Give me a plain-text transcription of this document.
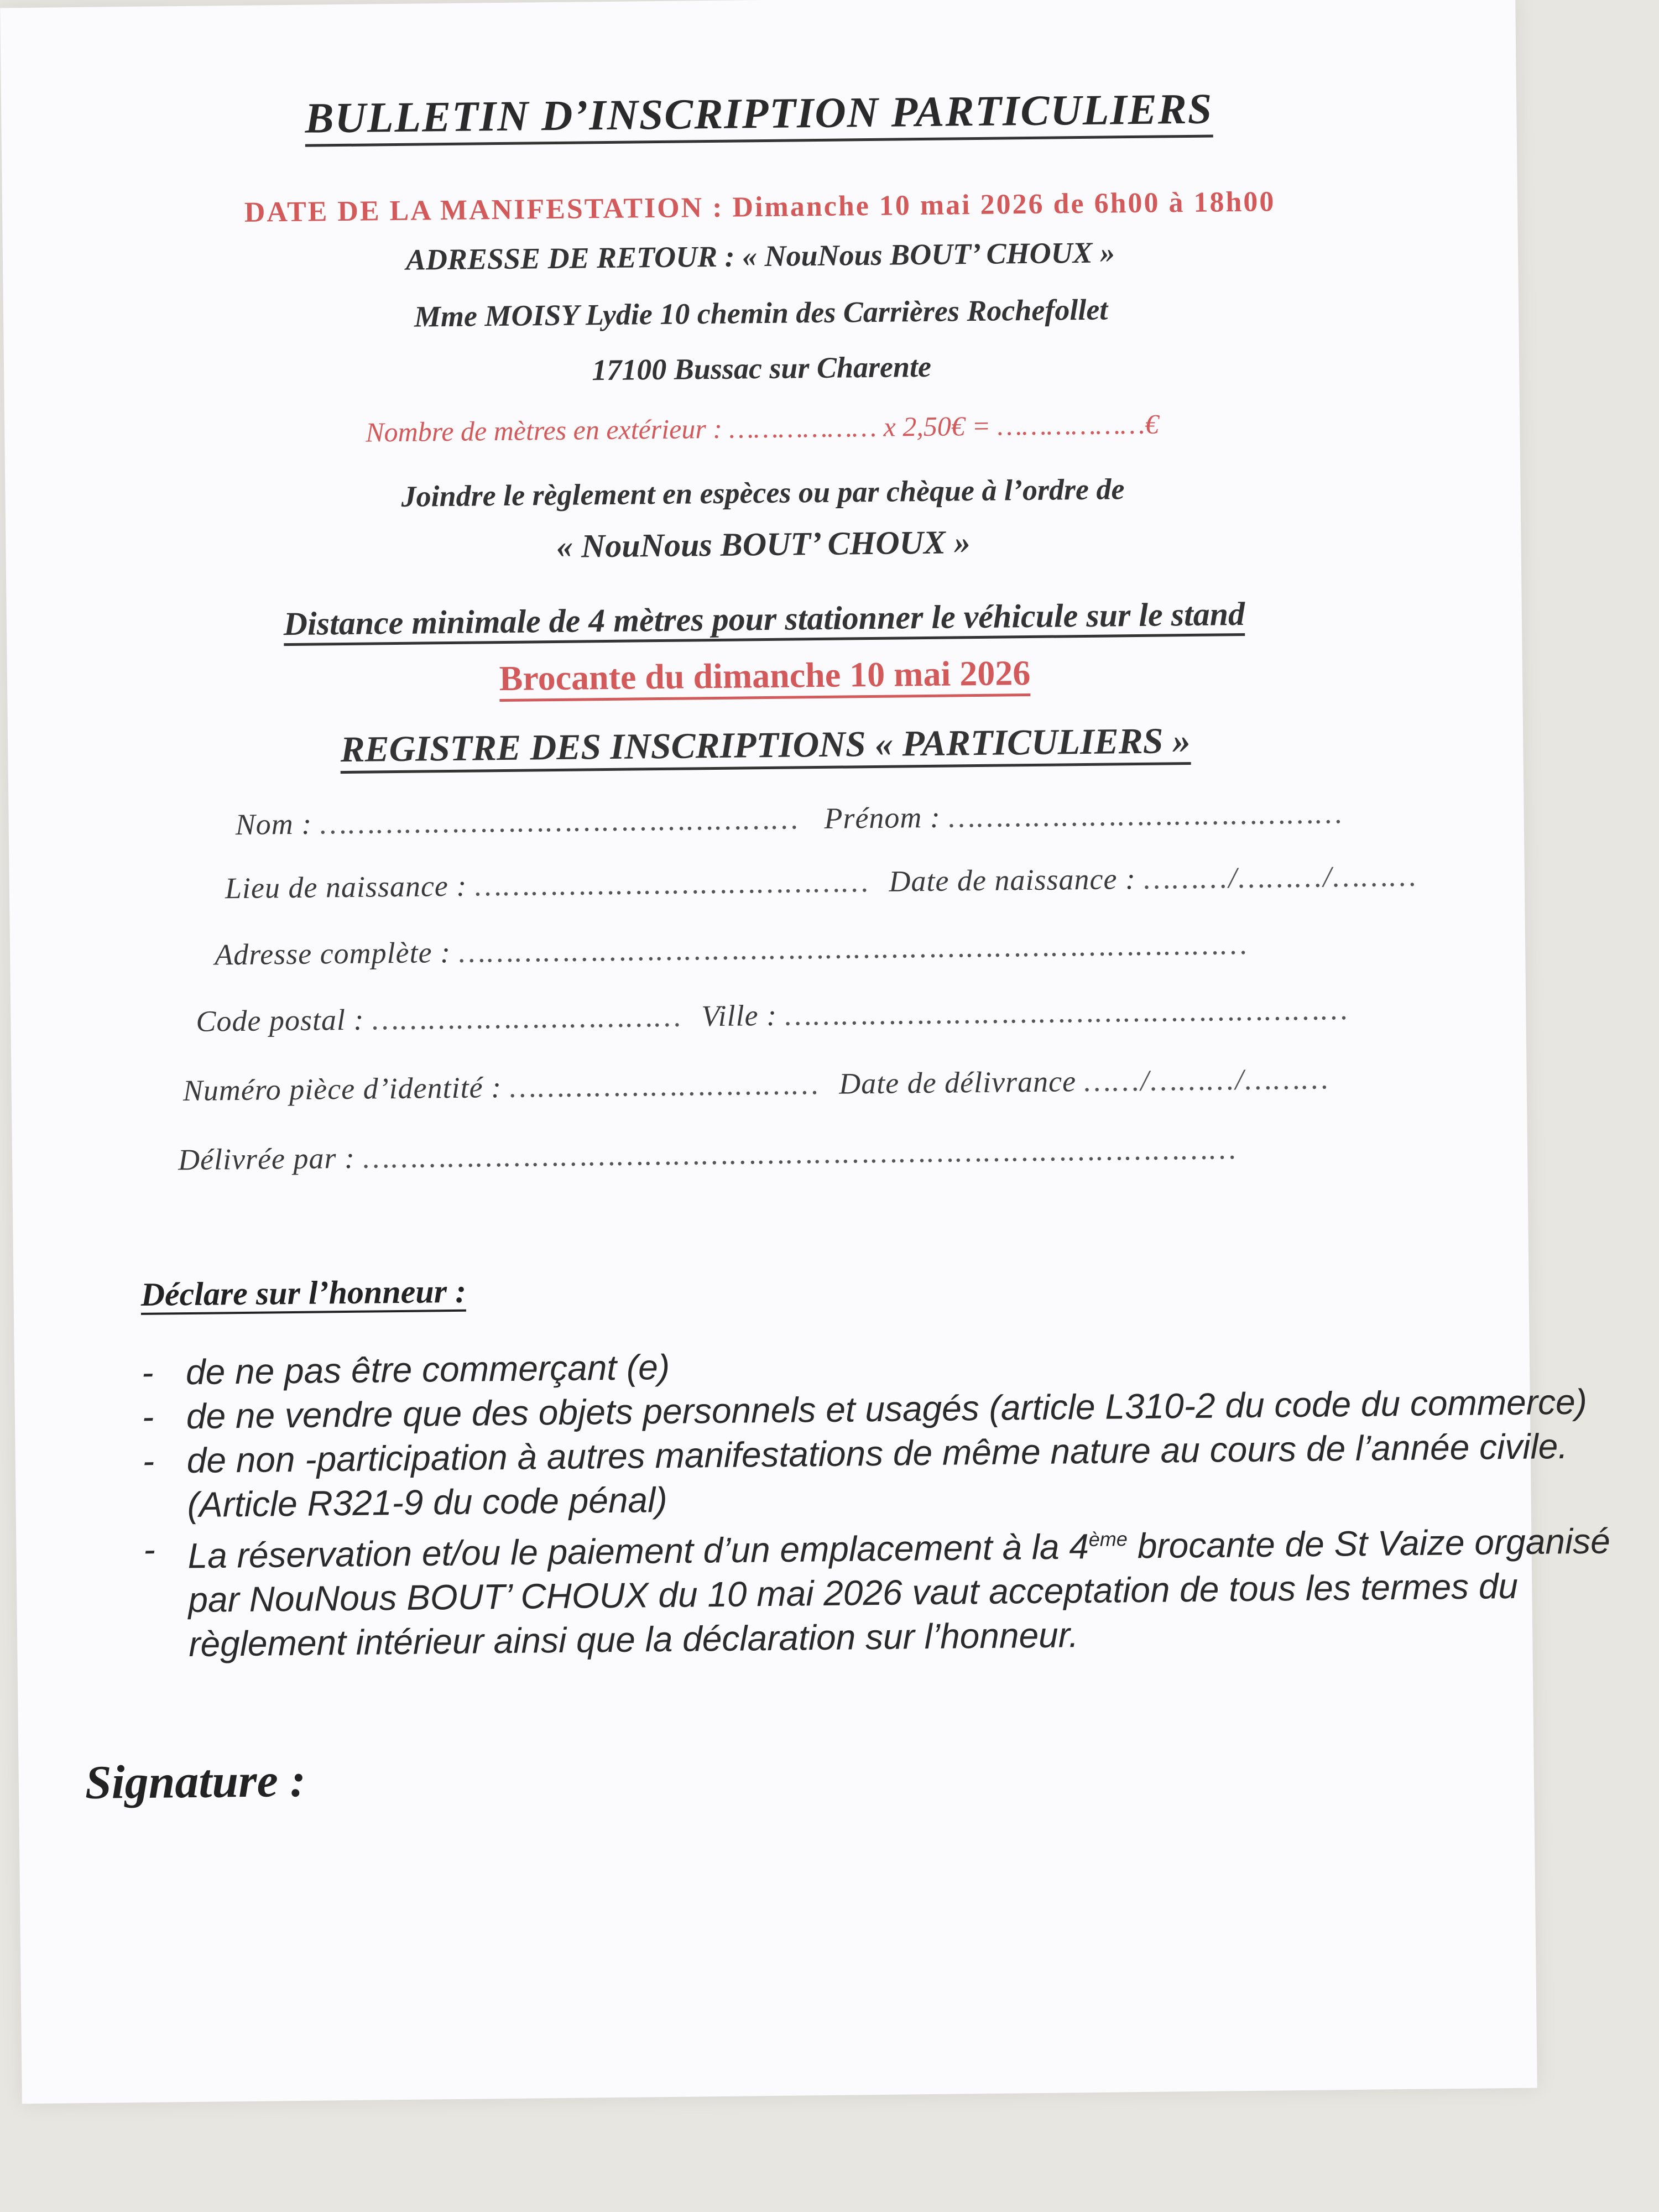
BULLETIN D’INSCRIPTION PARTICULIERS
DATE DE LA MANIFESTATION : Dimanche 10 mai 2026 de 6h00 à 18h00
ADRESSE DE RETOUR : « NouNous BOUT’ CHOUX »
Mme MOISY Lydie 10 chemin des Carrières Rochefollet
17100 Bussac sur Charente
Nombre de mètres en extérieur : ……………… x 2,50€ = ………………€
Joindre le règlement en espèces ou par chèque à l’ordre de
« NouNous BOUT’ CHOUX »
Distance minimale de 4 mètres pour stationner le véhicule sur le stand
Brocante du dimanche 10 mai 2026
REGISTRE DES INSCRIPTIONS « PARTICULIERS »
Nom : …………………………………………… Prénom : ……………………………………
Lieu de naissance : …………………………………… Date de naissance : ………/………/………
Adresse complète : …………………………………………………………………………
Code postal : …………………………… Ville : ……………………………………………………
Numéro pièce d’identité : …………………………… Date de délivrance ……/………/………
Délivrée par : …………………………………………………………………………………
Déclare sur l’honneur :
- de ne pas être commerçant (e)
- de ne vendre que des objets personnels et usagés (article L310-2 du code du commerce)
- de non -participation à autres manifestations de même nature au cours de l’année civile.
(Article R321-9 du code pénal)
- La réservation et/ou le paiement d’un emplacement à la 4ème brocante de St Vaize organisé
par NouNous BOUT’ CHOUX du 10 mai 2026 vaut acceptation de tous les termes du
règlement intérieur ainsi que la déclaration sur l’honneur.
Signature :
